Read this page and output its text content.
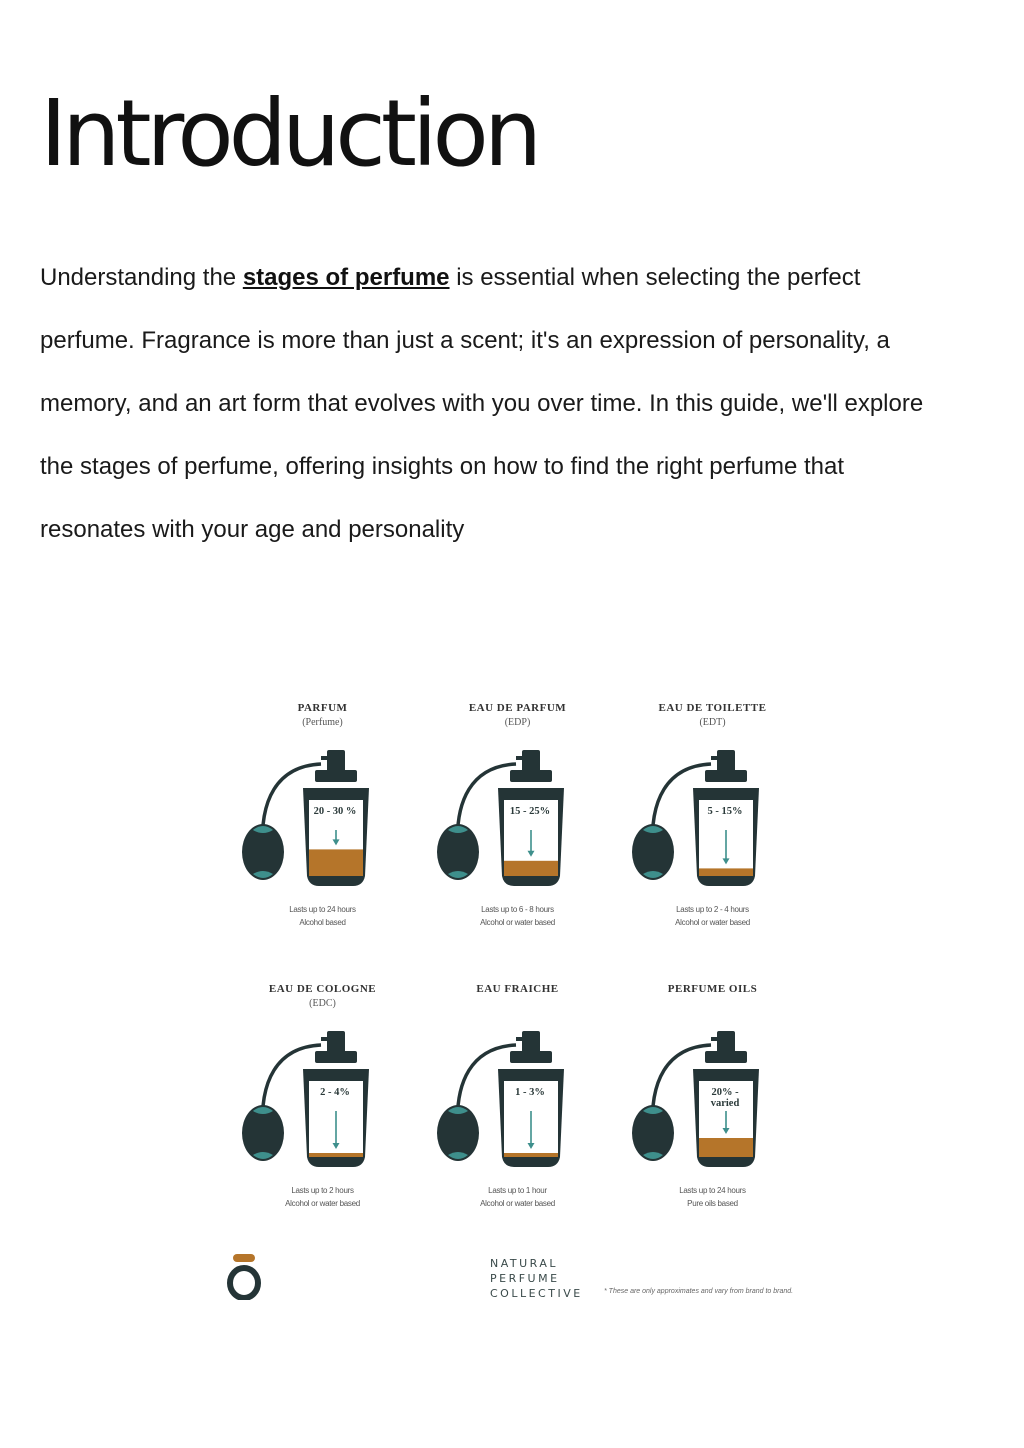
Introduction

Understanding the stages of perfume is essential when selecting the perfect perfume. Fragrance is more than just a scent; it's an expression of personality, a memory, and an art form that evolves with you over time. In this guide, we'll explore the stages of perfume, offering insights on how to find the right perfume that resonates with your age and personality

PARFUM
(Perfume)
20 - 30 %
Lasts up to 24 hours
Alcohol based
EAU DE PARFUM
(EDP)
15 - 25%
Lasts up to 6 - 8 hours
Alcohol or water based
EAU DE TOILETTE
(EDT)
5 - 15%
Lasts up to 2 - 4 hours
Alcohol or water based
EAU DE COLOGNE
(EDC)
2 - 4%
Lasts up to 2 hours
Alcohol or water based
EAU FRAICHE
1 - 3%
Lasts up to 1 hour
Alcohol or water based
PERFUME OILS
20% - varied
Lasts up to 24 hours
Pure oils based
NATURAL
PERFUME
COLLECTIVE	* These are only approximates and vary from brand to brand.
